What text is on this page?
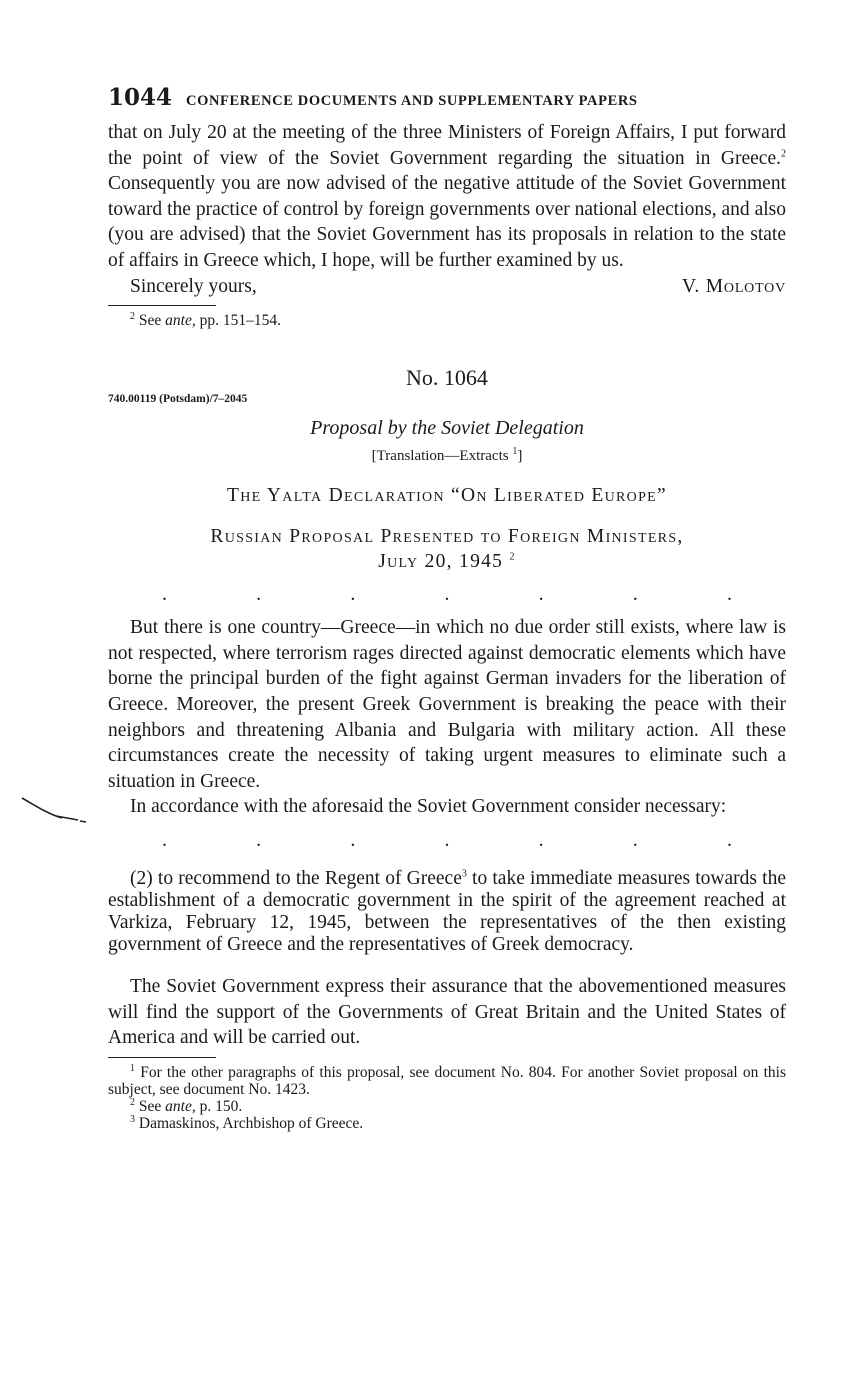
1044 CONFERENCE DOCUMENTS AND SUPPLEMENTARY PAPERS

that on July 20 at the meeting of the three Ministers of Foreign Affairs, I put forward the point of view of the Soviet Government regarding the situation in Greece.$^2$ Consequently you are now advised of the negative attitude of the Soviet Government toward the practice of control by foreign governments over national elections, and also (you are advised) that the Soviet Government has its proposals in relation to the state of affairs in Greece which, I hope, will be further examined by us.

Sincerely yours,	V. Molotov

$^2$ See ante, pp. 151–154.

No. 1064
740.00119 (Potsdam)/7–2045
Proposal by the Soviet Delegation
[Translation—Extracts $^1$]
The Yalta Declaration “On Liberated Europe”
Russian Proposal Presented to Foreign Ministers,
July 20, 1945 $^2$
.	.	.	.	.	.	.

But there is one country—Greece—in which no due order still exists, where law is not respected, where terrorism rages directed against democratic elements which have borne the principal burden of the fight against German invaders for the liberation of Greece. Moreover, the present Greek Government is breaking the peace with their neighbors and threatening Albania and Bulgaria with military action. All these circumstances create the necessity of taking urgent measures to eliminate such a situation in Greece.

In accordance with the aforesaid the Soviet Government consider necessary:

.	.	.	.	.	.	.

(2) to recommend to the Regent of Greece$^3$ to take immediate measures towards the establishment of a democratic government in the spirit of the agreement reached at Varkiza, February 12, 1945, between the representatives of the then existing government of Greece and the representatives of Greek democracy.

The Soviet Government express their assurance that the abovementioned measures will find the support of the Governments of Great Britain and the United States of America and will be carried out.

$^1$ For the other paragraphs of this proposal, see document No. 804. For another Soviet proposal on this subject, see document No. 1423.

$^2$ See ante, p. 150.

$^3$ Damaskinos, Archbishop of Greece.
